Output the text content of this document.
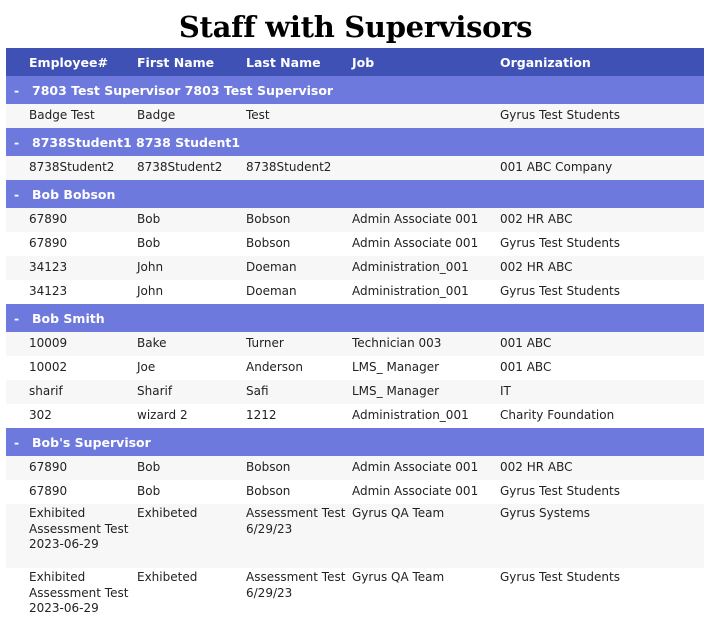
Staff with Supervisors
Employee#	First Name	Last Name	Job	Organization
- 7803 Test Supervisor 7803 Test Supervisor				
Badge Test	Badge	Test		Gyrus Test Students
- 8738Student1 8738 Student1				
8738Student2	8738Student2	8738Student2		001 ABC Company
- Bob Bobson				
67890	Bob	Bobson	Admin Associate 001	002 HR ABC
67890	Bob	Bobson	Admin Associate 001	Gyrus Test Students
34123	John	Doeman	Administration_001	002 HR ABC
34123	John	Doeman	Administration_001	Gyrus Test Students
- Bob Smith				
10009	Bake	Turner	Technician 003	001 ABC
10002	Joe	Anderson	LMS_ Manager	001 ABC
sharif	Sharif	Safi	LMS_ Manager	IT
302	wizard 2	1212	Administration_001	Charity Foundation
- Bob's Supervisor				
67890	Bob	Bobson	Admin Associate 001	002 HR ABC
67890	Bob	Bobson	Admin Associate 001	Gyrus Test Students
Exhibited Assessment Test 2023-06-29	Exhibeted	Assessment Test 6/29/23	Gyrus QA Team	Gyrus Systems
Exhibited Assessment Test 2023-06-29	Exhibeted	Assessment Test 6/29/23	Gyrus QA Team	Gyrus Test Students
